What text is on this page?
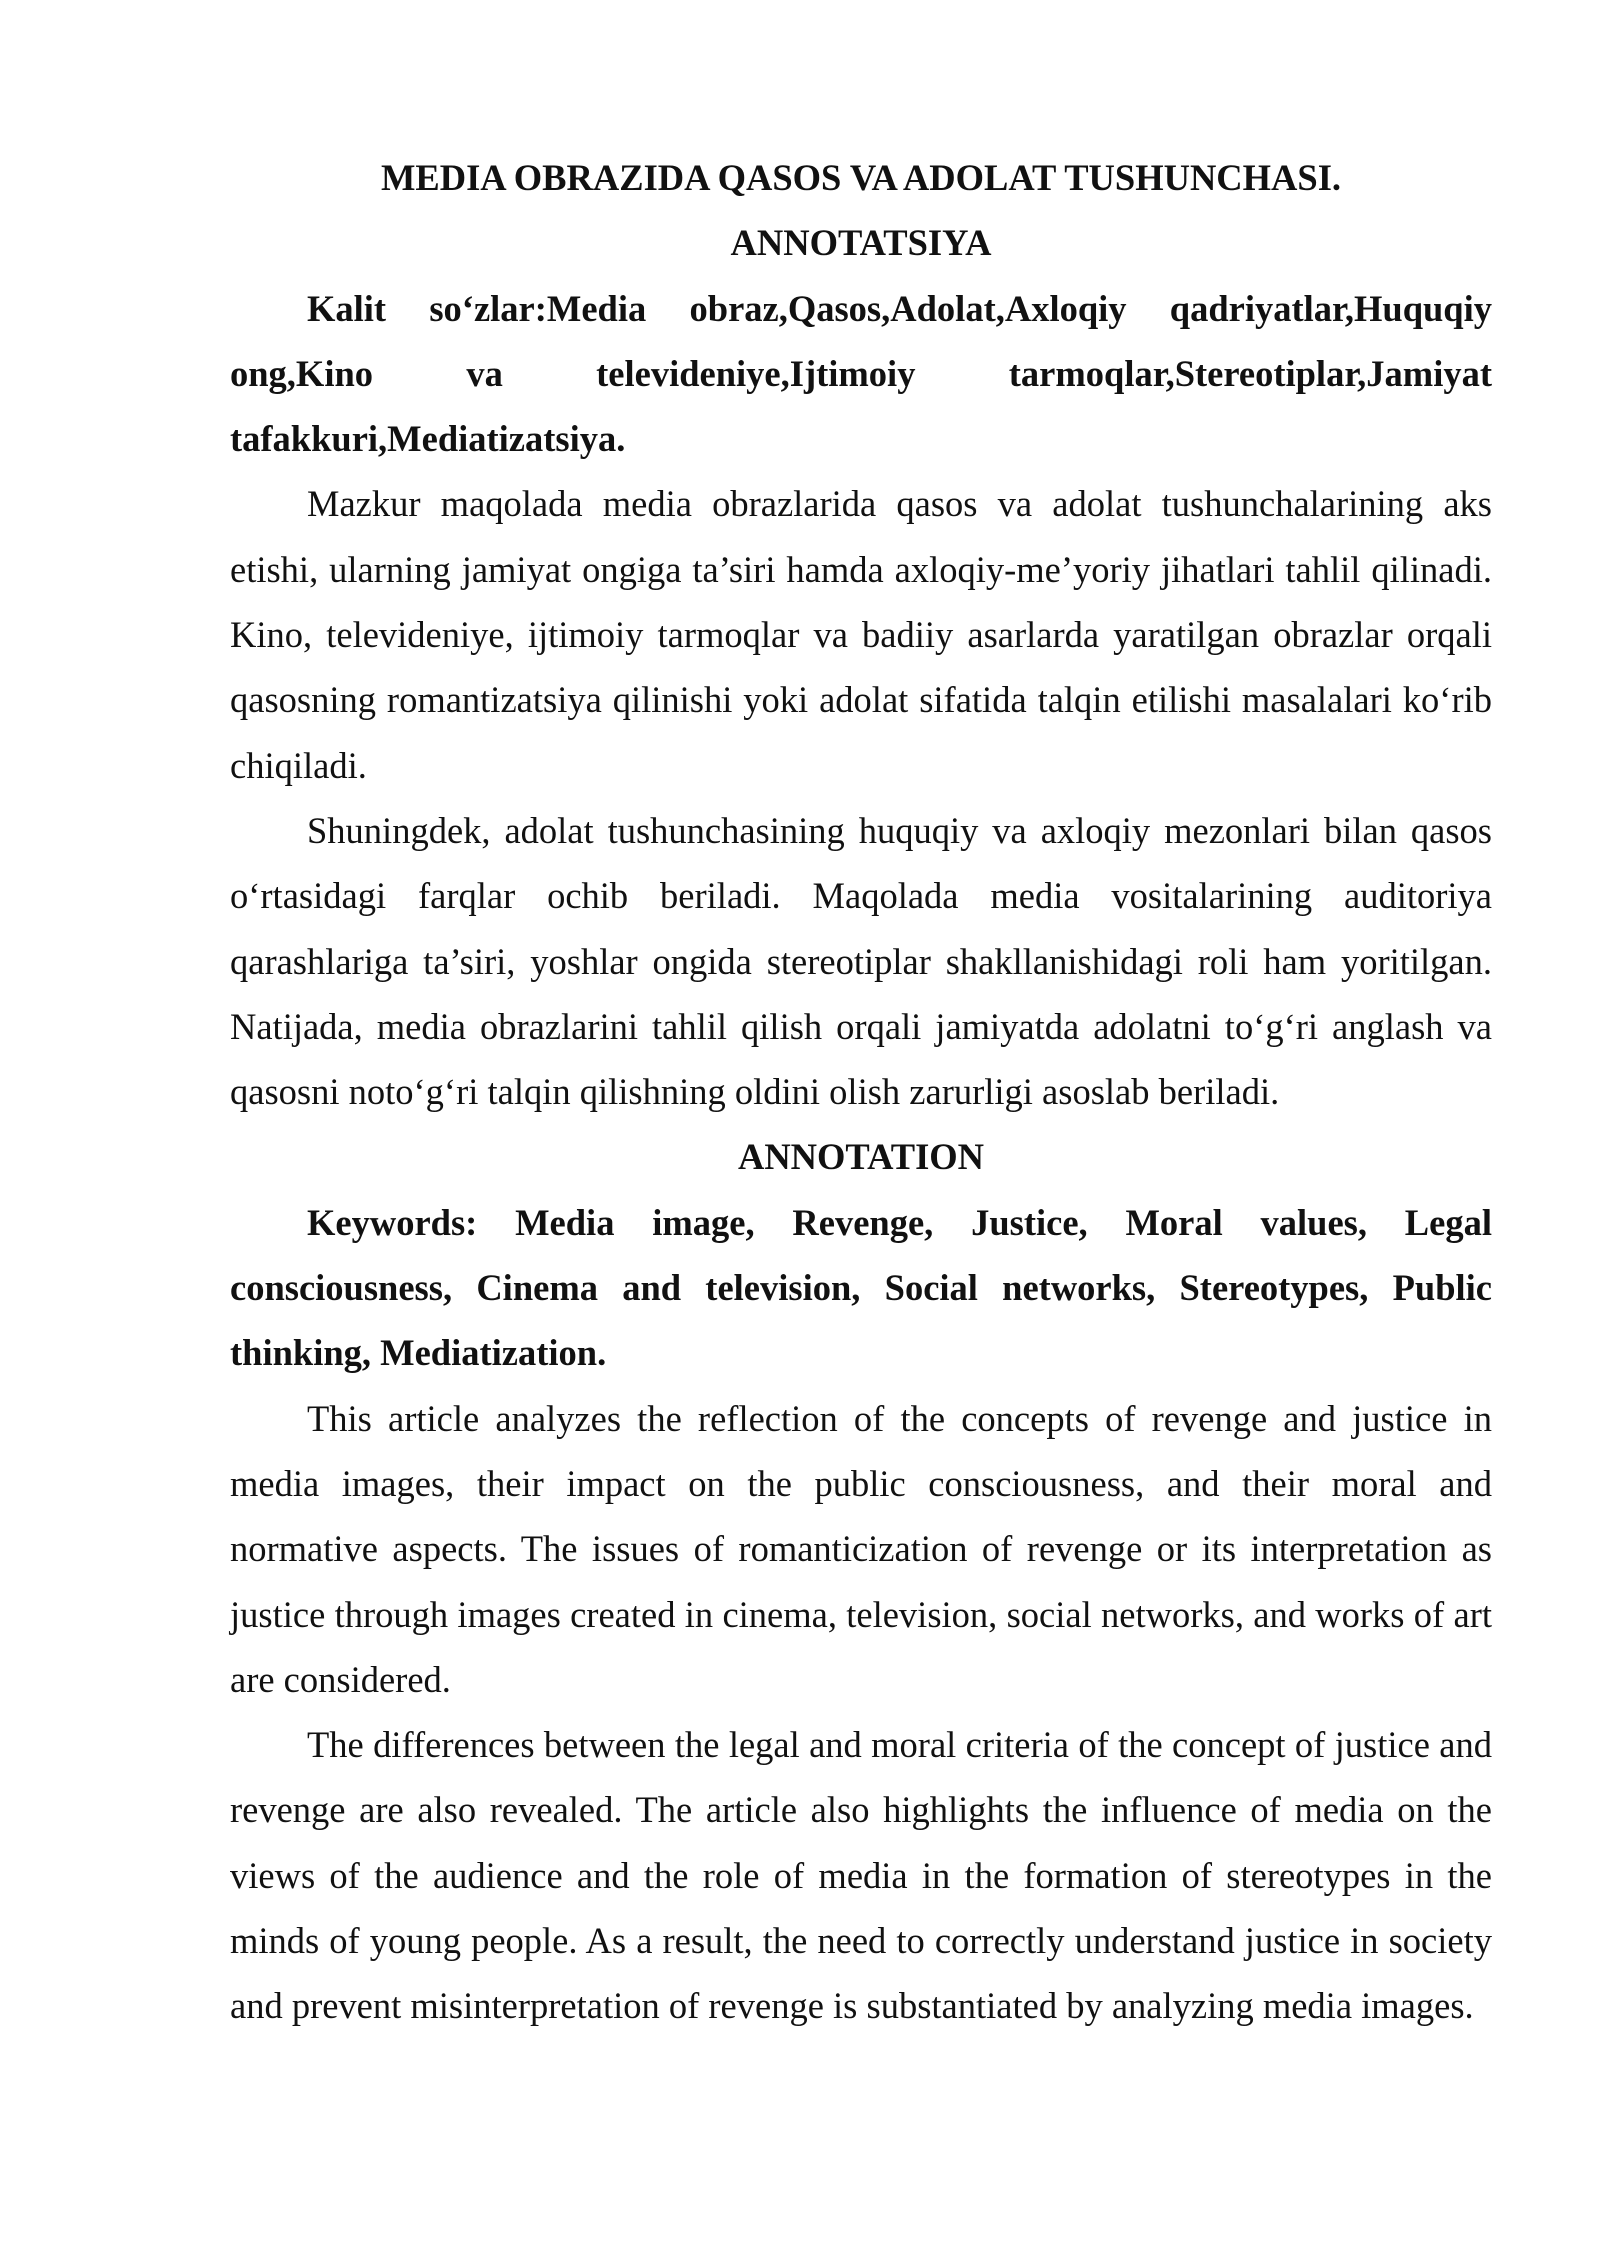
MEDIA OBRAZIDA QASOS VA ADOLAT TUSHUNCHASI.

ANNOTATSIYA

Kalit so‘zlar:Media obraz,Qasos,Adolat,Axloqiy qadriyatlar,Huquqiy ong,Kino va televideniye,Ijtimoiy tarmoqlar,Stereotiplar,Jamiyat tafakkuri,Mediatizatsiya.

Mazkur maqolada media obrazlarida qasos va adolat tushunchalarining aks etishi, ularning jamiyat ongiga ta’siri hamda axloqiy-me’yoriy jihatlari tahlil qilinadi. Kino, televideniye, ijtimoiy tarmoqlar va badiiy asarlarda yaratilgan obrazlar orqali qasosning romantizatsiya qilinishi yoki adolat sifatida talqin etilishi masalalari ko‘rib chiqiladi.

Shuningdek, adolat tushunchasining huquqiy va axloqiy mezonlari bilan qasos o‘rtasidagi farqlar ochib beriladi. Maqolada media vositalarining auditoriya qarashlariga ta’siri, yoshlar ongida stereotiplar shakllanishidagi roli ham yoritilgan. Natijada, media obrazlarini tahlil qilish orqali jamiyatda adolatni to‘g‘ri anglash va qasosni noto‘g‘ri talqin qilishning oldini olish zarurligi asoslab beriladi.

ANNOTATION

Keywords: Media image, Revenge, Justice, Moral values, Legal consciousness, Cinema and television, Social networks, Stereotypes, Public thinking, Mediatization.

This article analyzes the reflection of the concepts of revenge and justice in media images, their impact on the public consciousness, and their moral and normative aspects. The issues of romanticization of revenge or its interpretation as justice through images created in cinema, television, social networks, and works of art are considered.

The differences between the legal and moral criteria of the concept of justice and revenge are also revealed. The article also highlights the influence of media on the views of the audience and the role of media in the formation of stereotypes in the minds of young people. As a result, the need to correctly understand justice in society and prevent misinterpretation of revenge is substantiated by analyzing media images.
